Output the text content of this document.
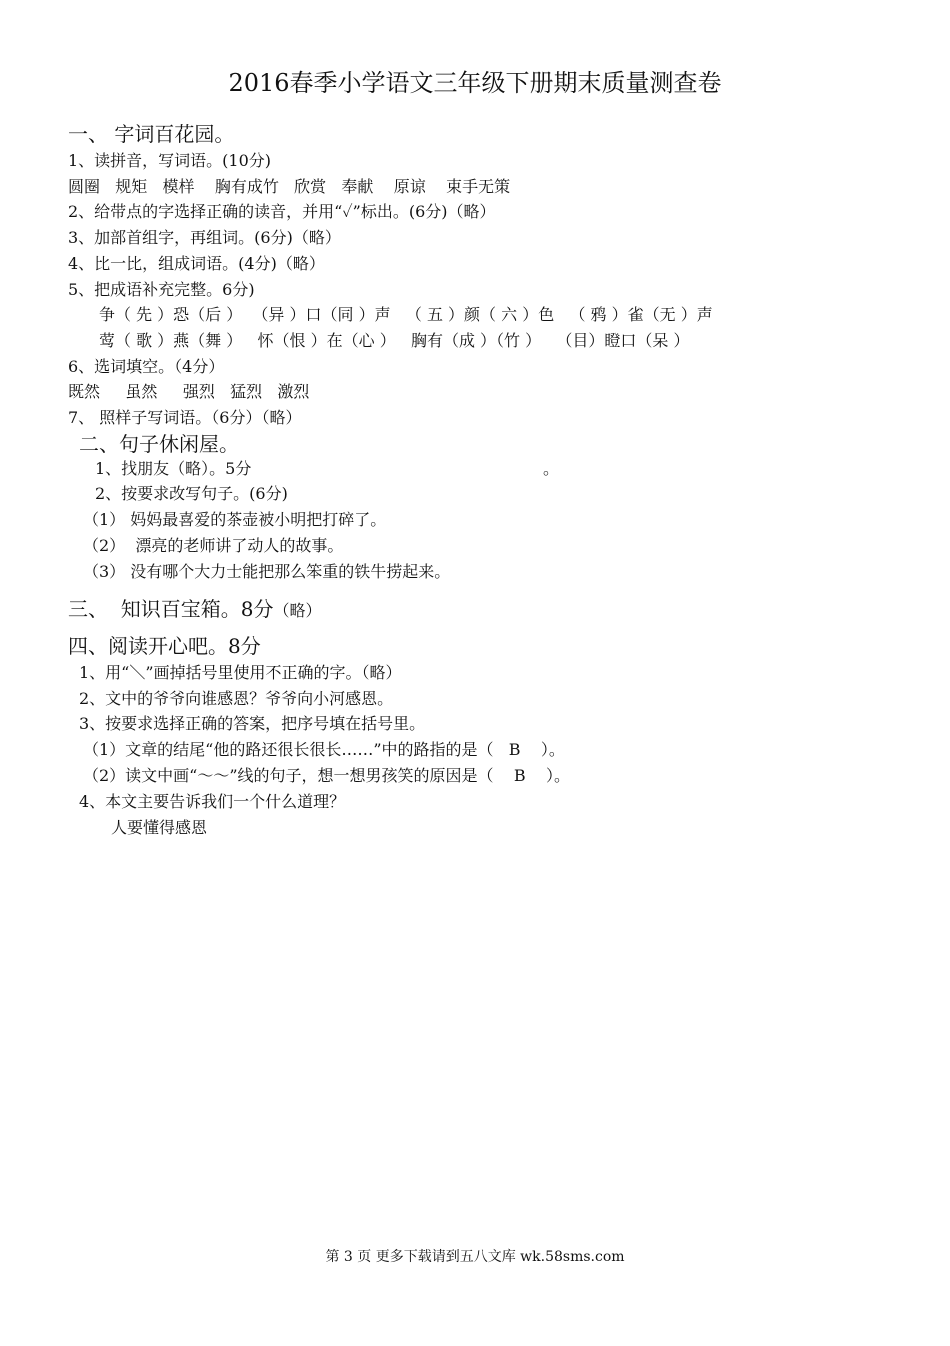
2016春季小学语文三年级下册期末质量测查卷
一、 字词百花园。
1、读拼音，写词语。(10分)
圆圈   规矩   模样    胸有成竹   欣赏   奉献    原谅    束手无策
2、给带点的字选择正确的读音，并用“✓”标出。(6分)（略）
3、加部首组字，再组词。(6分)（略）
4、比一比，组成词语。(4分)（略）
5、把成语补充完整。6分)
争（ 先 ）恐（后 ）  （异 ）口（同 ）声   （ 五 ）颜（ 六 ）色   （ 鸦 ）雀（无 ）声
莺（ 歌 ）燕（舞 ）   怀（恨 ）在（心 ）   胸有（成 ）（竹 ）   （目）瞪口（呆 ）
6、选词填空。（4分）
既然     虽然     强烈   猛烈   激烈
7、 照样子写词语。（6分）（略）
二、句子休闲屋。
1、找朋友（略）。5分	。
2、按要求改写句子。(6分)
（1） 妈妈最喜爱的茶壶被小明把打碎了。
（2）  漂亮的老师讲了动人的故事。
（3） 没有哪个大力士能把那么笨重的铁牛捞起来。
三、  知识百宝箱。8分（略）
四、阅读开心吧。8分
1、用“＼”画掉括号里使用不正确的字。（略）
2、文中的爷爷向谁感恩？爷爷向小河感恩。
3、按要求选择正确的答案，把序号填在括号里。
（1）文章的结尾“他的路还很长很长……”中的路指的是（   B    ）。
（2）读文中画“～～”线的句子，想一想男孩笑的原因是（    B    ）。
4、本文主要告诉我们一个什么道理？
人要懂得感恩
第 3 页 更多下载请到五八文库 wk.58sms.com
